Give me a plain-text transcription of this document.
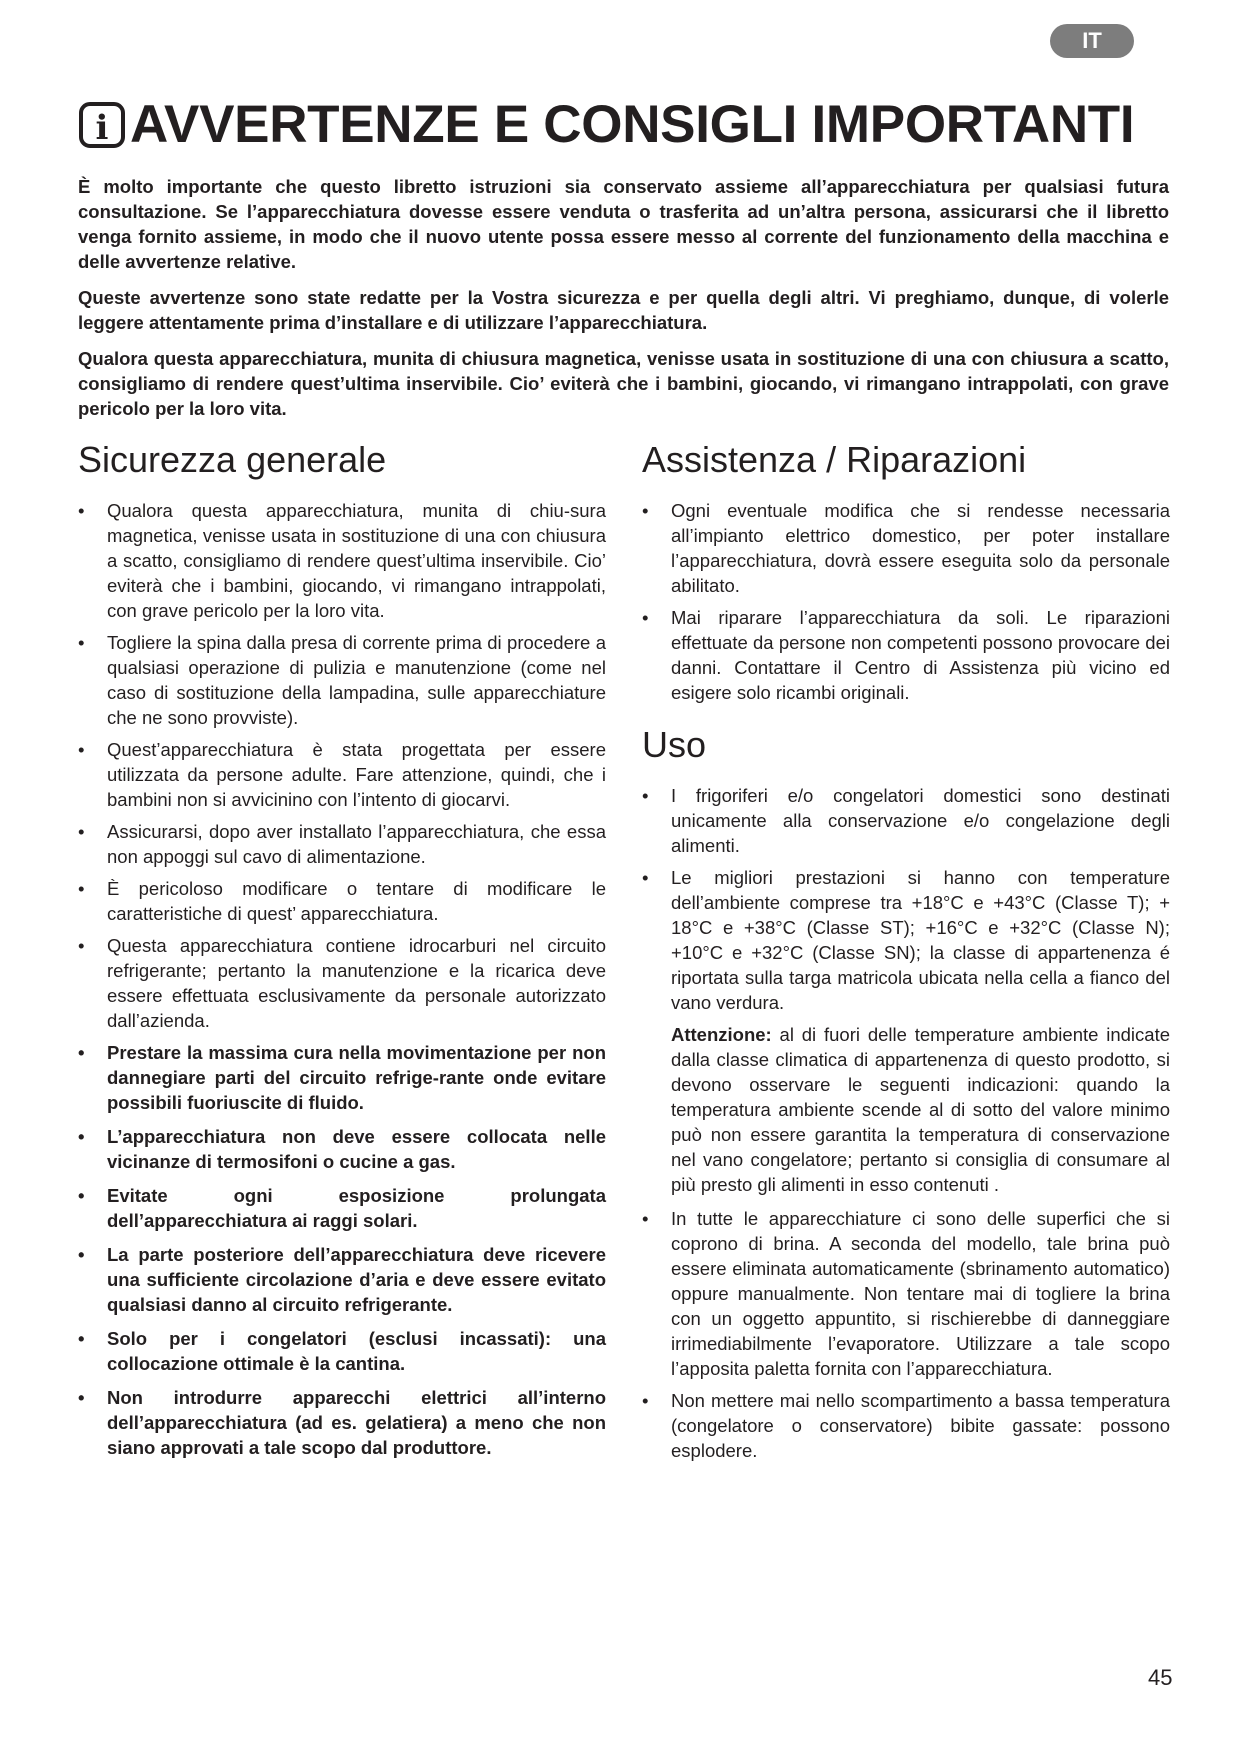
IT
i AVVERTENZE E CONSIGLI IMPORTANTI

È molto importante che questo libretto istruzioni sia conservato assieme all’apparecchiatura per qualsiasi futura consultazione. Se l’apparecchiatura dovesse essere venduta o trasferita ad un’altra persona, assicurarsi che il libretto venga fornito assieme, in modo che il nuovo utente possa essere messo al corrente del funzionamento della macchina e delle avvertenze relative.

Queste avvertenze sono state redatte per la Vostra sicurezza e per quella degli altri. Vi preghiamo, dunque, di volerle leggere attentamente prima d’installare e di utilizzare l’apparecchiatura.

Qualora questa apparecchiatura, munita di chiusura magnetica, venisse usata in sostituzione di una con chiusura a scatto, consigliamo di rendere quest’ultima inservibile. Cio’ eviterà che i bambini, giocando, vi rimangano intrappolati, con grave pericolo per la loro vita.

Sicurezza generale
• Qualora questa apparecchiatura, munita di chiu-sura magnetica, venisse usata in sostituzione di una con chiusura a scatto, consigliamo di rendere quest’ultima inservibile. Cio’ eviterà che i bambini, giocando, vi rimangano intrappolati, con grave pericolo per la loro vita.
• Togliere la spina dalla presa di corrente prima di procedere a qualsiasi operazione di pulizia e manutenzione (come nel caso di sostituzione della lampadina, sulle apparecchiature che ne sono provviste).
• Quest’apparecchiatura è stata progettata per essere utilizzata da persone adulte. Fare attenzione, quindi, che i bambini non si avvicinino con l’intento di giocarvi.
• Assicurarsi, dopo aver installato l’apparecchiatura, che essa non appoggi sul cavo di alimentazione.
• È pericoloso modificare o tentare di modificare le caratteristiche di quest’ apparecchiatura.
• Questa apparecchiatura contiene idrocarburi nel circuito refrigerante; pertanto la manutenzione e la ricarica deve essere effettuata esclusivamente da personale autorizzato dall’azienda.
• Prestare la massima cura nella movimentazione per non dannegiare parti del circuito refrige-rante onde evitare possibili fuoriuscite di fluido.
• L’apparecchiatura non deve essere collocata nelle vicinanze di termosifoni o cucine a gas.
• Evitate ogni esposizione prolungata dell’apparecchiatura ai raggi solari.
• La parte posteriore dell’apparecchiatura deve ricevere una sufficiente circolazione d’aria e deve essere evitato qualsiasi danno al circuito refrigerante.
• Solo per i congelatori (esclusi incassati): una collocazione ottimale è la cantina.
• Non introdurre apparecchi elettrici all’interno dell’apparecchiatura (ad es. gelatiera) a meno che non siano approvati a tale scopo dal produttore.
Assistenza / Riparazioni
• Ogni eventuale modifica che si rendesse necessaria all’impianto elettrico domestico, per poter installare l’apparecchiatura, dovrà essere eseguita solo da personale abilitato.
• Mai riparare l’apparecchiatura da soli. Le riparazioni effettuate da persone non competenti possono provocare dei danni. Contattare il Centro di Assistenza più vicino ed esigere solo ricambi originali.
Uso
• I frigoriferi e/o congelatori domestici sono destinati unicamente alla conservazione e/o congelazione degli alimenti.
• Le migliori prestazioni si hanno con temperature dell’ambiente comprese tra +18°C e +43°C (Classe T); + 18°C e +38°C (Classe ST); +16°C e +32°C (Classe N); +10°C e +32°C (Classe SN); la classe di appartenenza é riportata sulla targa matricola ubicata nella cella a fianco del vano verdura.
Attenzione: al di fuori delle temperature ambiente indicate dalla classe climatica di appartenenza di questo prodotto, si devono osservare le seguenti indicazioni: quando la temperatura ambiente scende al di sotto del valore minimo può non essere garantita la temperatura di conservazione nel vano congelatore; pertanto si consiglia di consumare al più presto gli alimenti in esso contenuti .
• In tutte le apparecchiature ci sono delle superfici che si coprono di brina. A seconda del modello, tale brina può essere eliminata automaticamente (sbrinamento automatico) oppure manualmente. Non tentare mai di togliere la brina con un oggetto appuntito, si rischierebbe di danneggiare irrimediabilmente l’evaporatore. Utilizzare a tale scopo l’apposita paletta fornita con l’apparecchiatura.
• Non mettere mai nello scompartimento a bassa temperatura (congelatore o conservatore) bibite gassate: possono esplodere.
45
